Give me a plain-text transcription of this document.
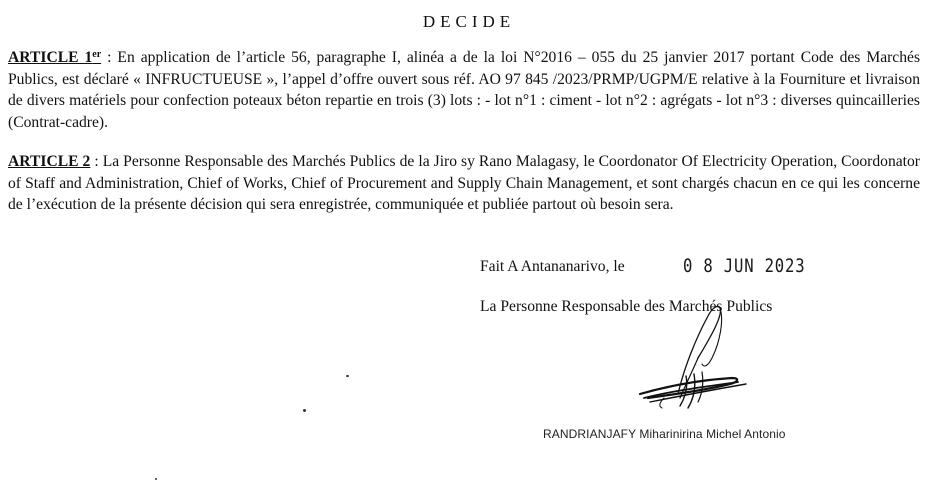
DECIDE
ARTICLE 1er : En application de l’article 56, paragraphe I, alinéa a de la loi N°2016 – 055 du 25 janvier 2017 portant Code des Marchés Publics, est déclaré « INFRUCTUEUSE », l’appel d’offre ouvert sous réf. AO 97 845 /2023/PRMP/UGPM/E relative à la Fourniture et livraison de divers matériels pour confection poteaux béton repartie en trois (3) lots : - lot n°1 : ciment - lot n°2 : agrégats - lot n°3 : diverses quincailleries (Contrat-cadre).
ARTICLE 2 : La Personne Responsable des Marchés Publics de la Jiro sy Rano Malagasy, le Coordonator Of Electricity Operation, Coordonator of Staff and Administration, Chief of Works, Chief of Procurement and Supply Chain Management, et sont chargés chacun en ce qui les concerne de l’exécution de la présente décision qui sera enregistrée, communiquée et publiée partout où besoin sera.
Fait A Antananarivo, le	0 8 JUN 2023
La Personne Responsable des Marchés Publics
RANDRIANJAFY Miharinirina Michel Antonio
